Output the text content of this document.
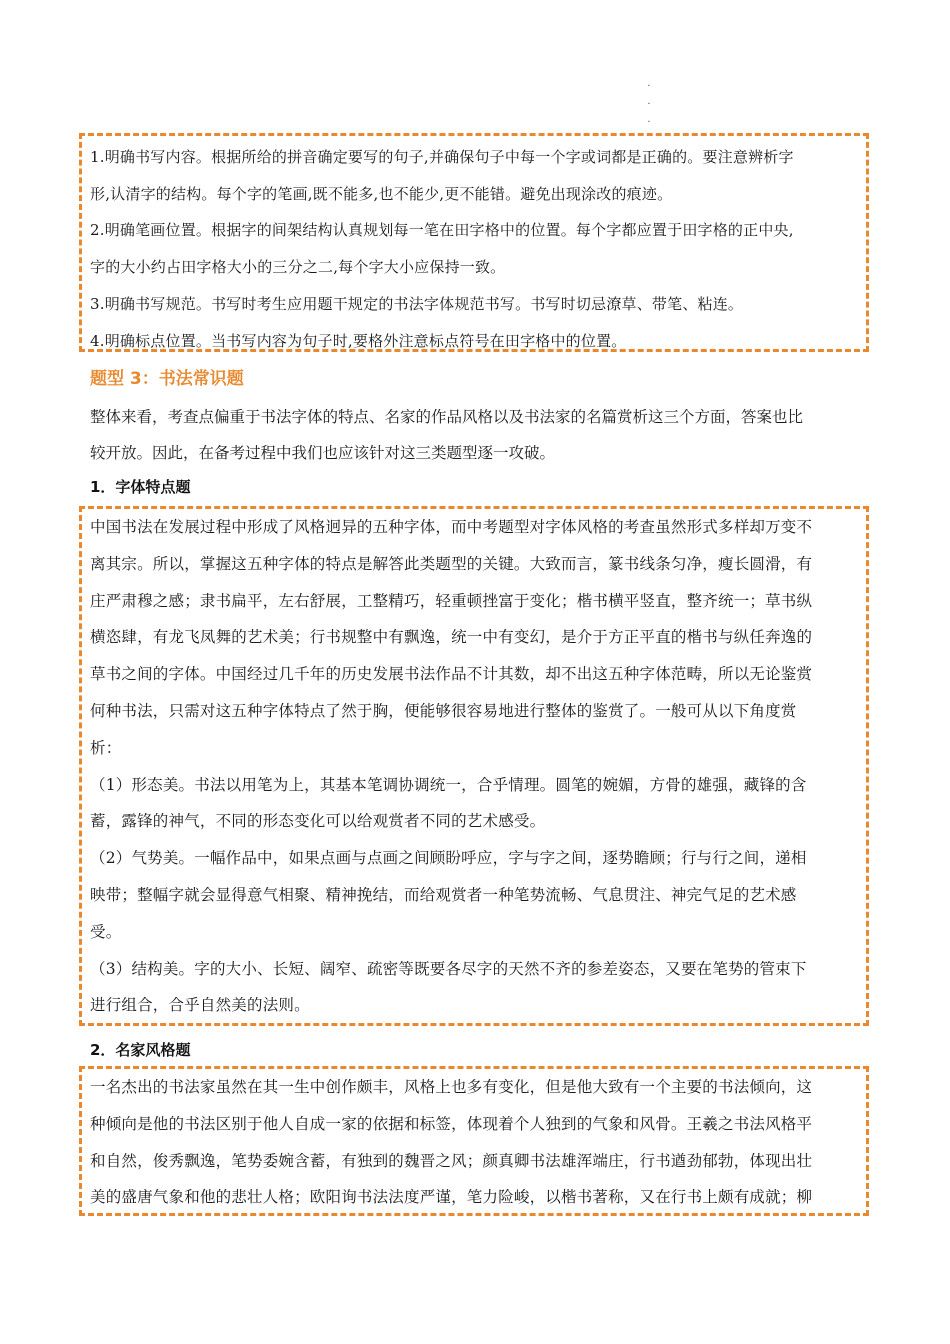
·
·
·

1.明确书写内容。根据所给的拼音确定要写的句子,并确保句子中每一个字或词都是正确的。要注意辨析字

形,认清字的结构。每个字的笔画,既不能多,也不能少,更不能错。避免出现涂改的痕迹。

2.明确笔画位置。根据字的间架结构认真规划每一笔在田字格中的位置。每个字都应置于田字格的正中央,

字的大小约占田字格大小的三分之二,每个字大小应保持一致。

3.明确书写规范。书写时考生应用题干规定的书法字体规范书写。书写时切忌潦草、带笔、粘连。

4.明确标点位置。当书写内容为句子时,要格外注意标点符号在田字格中的位置。

题型 3：书法常识题

整体来看，考查点偏重于书法字体的特点、名家的作品风格以及书法家的名篇赏析这三个方面，答案也比

较开放。因此，在备考过程中我们也应该针对这三类题型逐一攻破。

1．字体特点题

中国书法在发展过程中形成了风格迥异的五种字体，而中考题型对字体风格的考查虽然形式多样却万变不

离其宗。所以，掌握这五种字体的特点是解答此类题型的关键。大致而言，篆书线条匀净，瘦长圆滑，有

庄严肃穆之感；隶书扁平，左右舒展，工整精巧，轻重顿挫富于变化；楷书横平竖直，整齐统一；草书纵

横恣肆，有龙飞凤舞的艺术美；行书规整中有飘逸，统一中有变幻，是介于方正平直的楷书与纵任奔逸的

草书之间的字体。中国经过几千年的历史发展书法作品不计其数，却不出这五种字体范畴，所以无论鉴赏

何种书法，只需对这五种字体特点了然于胸，便能够很容易地进行整体的鉴赏了。一般可从以下角度赏

析：

（1）形态美。书法以用笔为上，其基本笔调协调统一，合乎情理。圆笔的婉媚，方骨的雄强，藏锋的含

蓄，露锋的神气，不同的形态变化可以给观赏者不同的艺术感受。

（2）气势美。一幅作品中，如果点画与点画之间顾盼呼应，字与字之间，逐势瞻顾；行与行之间，递相

映带；整幅字就会显得意气相聚、精神挽结，而给观赏者一种笔势流畅、气息贯注、神完气足的艺术感

受。

（3）结构美。字的大小、长短、阔窄、疏密等既要各尽字的天然不齐的参差姿态，又要在笔势的管束下

进行组合，合乎自然美的法则。

2．名家风格题

一名杰出的书法家虽然在其一生中创作颇丰，风格上也多有变化，但是他大致有一个主要的书法倾向，这

种倾向是他的书法区别于他人自成一家的依据和标签，体现着个人独到的气象和风骨。王羲之书法风格平

和自然，俊秀飘逸，笔势委婉含蓄，有独到的魏晋之风；颜真卿书法雄浑端庄，行书遒劲郁勃，体现出壮

美的盛唐气象和他的悲壮人格；欧阳询书法法度严谨，笔力险峻，以楷书著称，又在行书上颇有成就；柳
